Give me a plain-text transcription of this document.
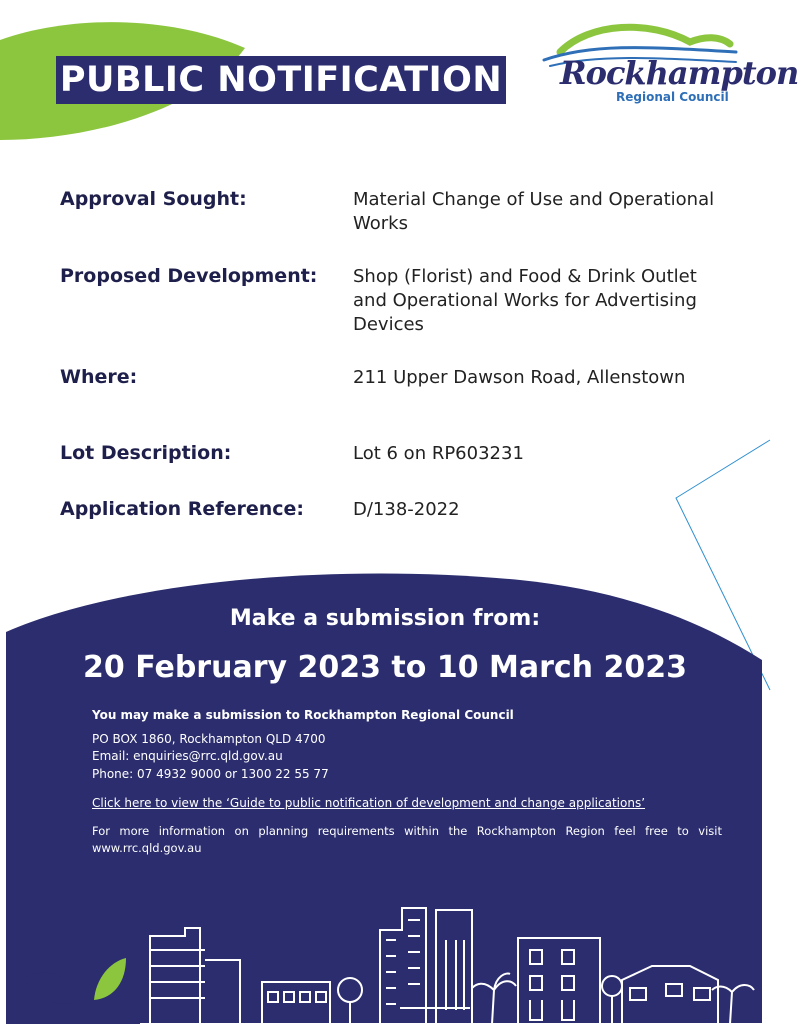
PUBLIC NOTIFICATION Rockhampton
Regional Council
Approval Sought:	Material Change of Use and Operational Works
Proposed Development: Shop (Florist) and Food & Drink Outlet and Operational Works for Advertising Devices
Where:	211 Upper Dawson Road, Allenstown
Lot Description:	Lot 6 on RP603231
Application Reference:	D/138-2022
Make a submission from:
20 February 2023 to 10 March 2023
You may make a submission to Rockhampton Regional Council
PO BOX 1860, Rockhampton QLD 4700
Email: enquiries@rrc.qld.gov.au
Phone: 07 4932 9000 or 1300 22 55 77
Click here to view the ‘Guide to public notification of development and change applications’
For more information on planning requirements within the Rockhampton Region feel free to visit www.rrc.qld.gov.au
